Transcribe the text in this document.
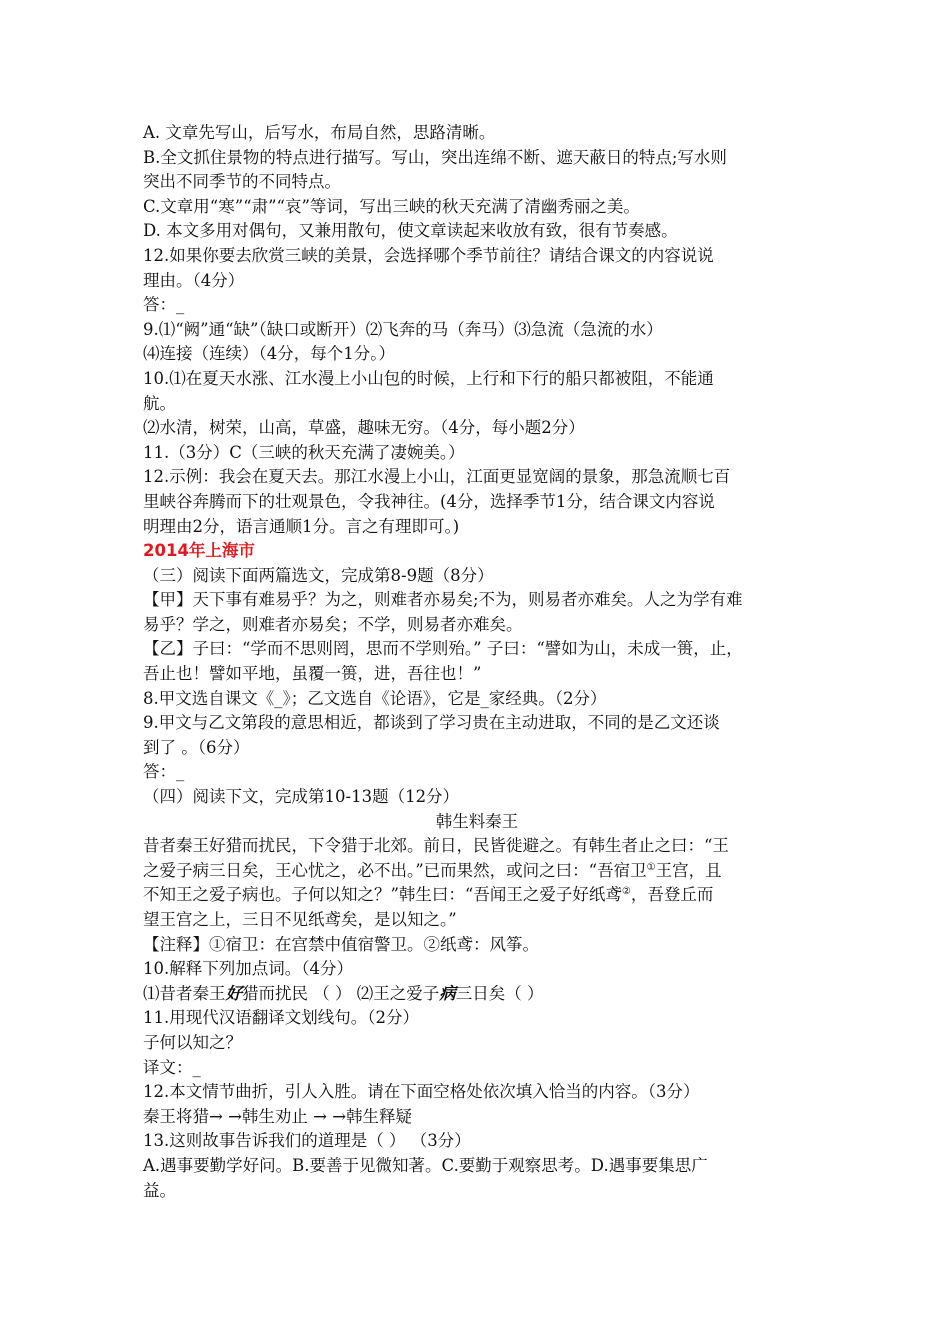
A. 文章先写山，后写水，布局自然，思路清晰。
B.全文抓住景物的特点进行描写。写山，突出连绵不断、遮天蔽日的特点;写水则
突出不同季节的不同特点。
C.文章用“寒”“肃”“哀”等词，写出三峡的秋天充满了清幽秀丽之美。
D. 本文多用对偶句，又兼用散句，使文章读起来收放有致，很有节奏感。
12.如果你要去欣赏三峡的美景，会选择哪个季节前往？请结合课文的内容说说
理由。（4分）
答：_
9.⑴“阙”通“缺”（缺口或断开）⑵飞奔的马（奔马）⑶急流（急流的水）
⑷连接（连续）（4分，每个1分。）
10.⑴在夏天水涨、江水漫上小山包的时候，上行和下行的船只都被阻，不能通
航。
⑵水清，树荣，山高，草盛，趣味无穷。（4分，每小题2分）
11.（3分）C（三峡的秋天充满了凄婉美。）
12.示例：我会在夏天去。那江水漫上小山，江面更显宽阔的景象，那急流顺七百
里峡谷奔腾而下的壮观景色，令我神往。(4分，选择季节1分，结合课文内容说
明理由2分，语言通顺1分。言之有理即可。)
2014年上海市
（三）阅读下面两篇选文，完成第8-9题（8分）
【甲】天下事有难易乎？为之，则难者亦易矣;不为，则易者亦难矣。人之为学有难
易乎？学之，则难者亦易矣；不学，则易者亦难矣。
【乙】子曰：“学而不思则罔，思而不学则殆。” 子曰：“譬如为山，未成一篑，止，
吾止也！譬如平地，虽覆一篑，进，吾往也！”
8.甲文选自课文《_》；乙文选自《论语》，它是_家经典。（2分）
9.甲文与乙文第段的意思相近，都谈到了学习贵在主动进取，不同的是乙文还谈
到了 。（6分）
答：_
（四）阅读下文，完成第10-13题（12分）
韩生料秦王
昔者秦王好猎而扰民，下令猎于北郊。前日，民皆徙避之。有韩生者止之曰：“王
之爱子病三日矣，王心忧之，必不出。”已而果然，或问之曰：“吾宿卫①王宫，且
不知王之爱子病也。子何以知之？”韩生曰：“吾闻王之爱子好纸鸢②，吾登丘而
望王宫之上，三日不见纸鸢矣，是以知之。”
【注释】①宿卫：在宫禁中值宿警卫。②纸鸢：风筝。
10.解释下列加点词。（4分）
⑴昔者秦王好猎而扰民 （ ） ⑵王之爱子病三日矣（ ）
11.用现代汉语翻译文划线句。（2分）
子何以知之？
译文：_
12.本文情节曲折，引人入胜。请在下面空格处依次填入恰当的内容。（3分）
秦王将猎→ →韩生劝止 → →韩生释疑
13.这则故事告诉我们的道理是（ ） （3分）
A.遇事要勤学好问。B.要善于见微知著。C.要勤于观察思考。D.遇事要集思广
益。
